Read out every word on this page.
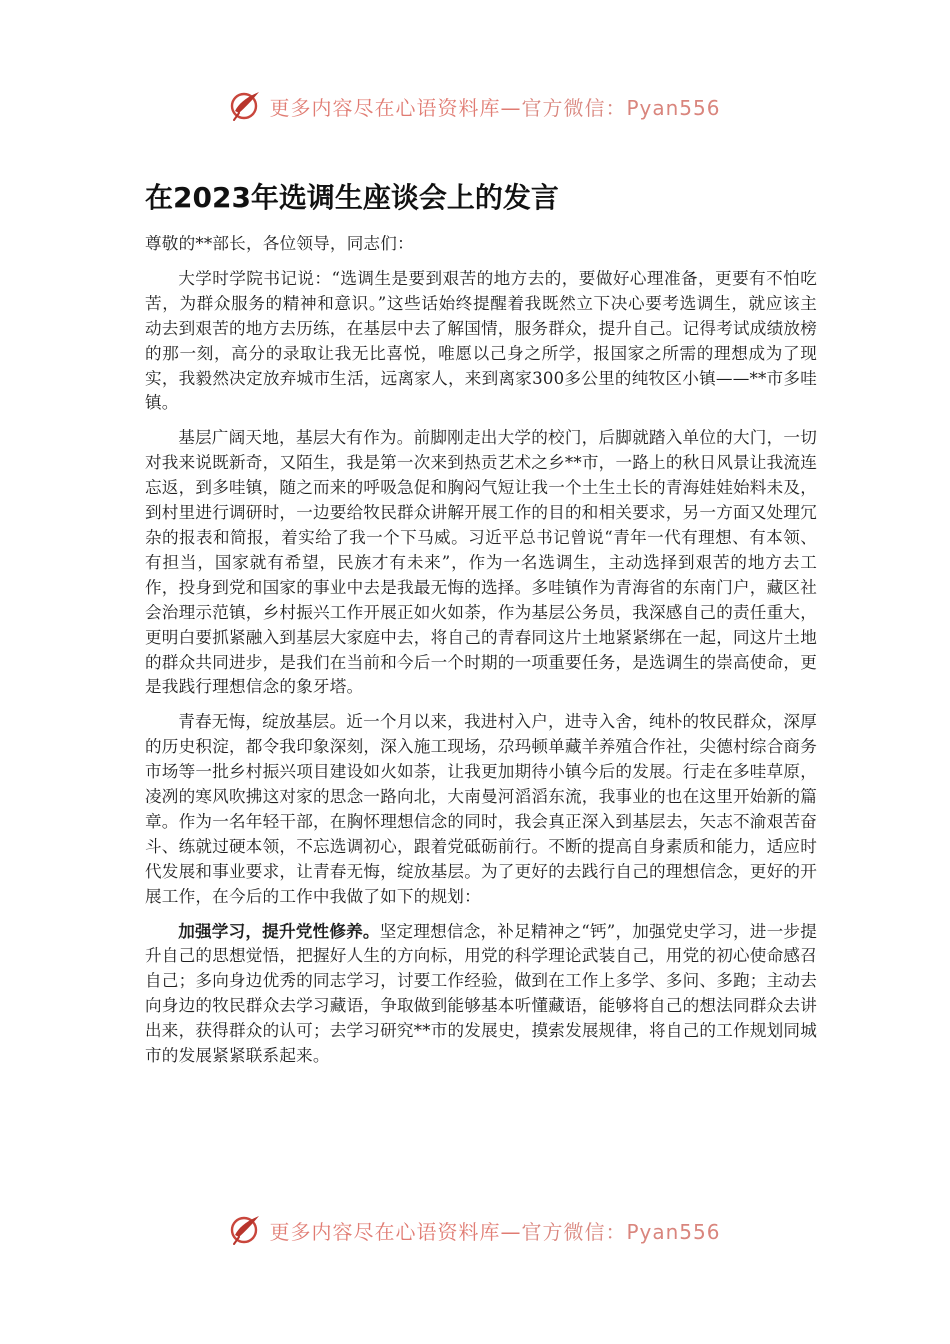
更多内容尽在心语资料库—官方微信：Pyan556
在2023年选调生座谈会上的发言

尊敬的**部长，各位领导，同志们：

大学时学院书记说：“选调生是要到艰苦的地方去的，要做好心理准备，更要有不怕吃苦，为群众服务的精神和意识。”这些话始终提醒着我既然立下决心要考选调生，就应该主动去到艰苦的地方去历练，在基层中去了解国情，服务群众，提升自己。记得考试成绩放榜的那一刻，高分的录取让我无比喜悦，唯愿以己身之所学，报国家之所需的理想成为了现实，我毅然决定放弃城市生活，远离家人，来到离家300多公里的纯牧区小镇——**市多哇镇。

基层广阔天地，基层大有作为。前脚刚走出大学的校门，后脚就踏入单位的大门，一切对我来说既新奇，又陌生，我是第一次来到热贡艺术之乡**市，一路上的秋日风景让我流连忘返，到多哇镇，随之而来的呼吸急促和胸闷气短让我一个土生土长的青海娃娃始料未及，到村里进行调研时，一边要给牧民群众讲解开展工作的目的和相关要求，另一方面又处理冗杂的报表和简报，着实给了我一个下马威。习近平总书记曾说“青年一代有理想、有本领、有担当，国家就有希望，民族才有未来”，作为一名选调生，主动选择到艰苦的地方去工作，投身到党和国家的事业中去是我最无悔的选择。多哇镇作为青海省的东南门户，藏区社会治理示范镇，乡村振兴工作开展正如火如荼，作为基层公务员，我深感自己的责任重大，更明白要抓紧融入到基层大家庭中去，将自己的青春同这片土地紧紧绑在一起，同这片土地的群众共同进步，是我们在当前和今后一个时期的一项重要任务，是选调生的崇高使命，更是我践行理想信念的象牙塔。

青春无悔，绽放基层。近一个月以来，我进村入户，进寺入舍，纯朴的牧民群众，深厚的历史积淀，都令我印象深刻，深入施工现场，尕玛顿单藏羊养殖合作社，尖德村综合商务市场等一批乡村振兴项目建设如火如荼，让我更加期待小镇今后的发展。行走在多哇草原，凌冽的寒风吹拂这对家的思念一路向北，大南曼河滔滔东流，我事业的也在这里开始新的篇章。作为一名年轻干部，在胸怀理想信念的同时，我会真正深入到基层去，矢志不渝艰苦奋斗、练就过硬本领，不忘选调初心，跟着党砥砺前行。不断的提高自身素质和能力，适应时代发展和事业要求，让青春无悔，绽放基层。为了更好的去践行自己的理想信念，更好的开展工作，在今后的工作中我做了如下的规划：

加强学习，提升党性修养。坚定理想信念，补足精神之“钙”，加强党史学习，进一步提升自己的思想觉悟，把握好人生的方向标，用党的科学理论武装自己，用党的初心使命感召自己；多向身边优秀的同志学习，讨要工作经验，做到在工作上多学、多问、多跑；主动去向身边的牧民群众去学习藏语，争取做到能够基本听懂藏语，能够将自己的想法同群众去讲出来，获得群众的认可；去学习研究**市的发展史，摸索发展规律，将自己的工作规划同城市的发展紧紧联系起来。

更多内容尽在心语资料库—官方微信：Pyan556
